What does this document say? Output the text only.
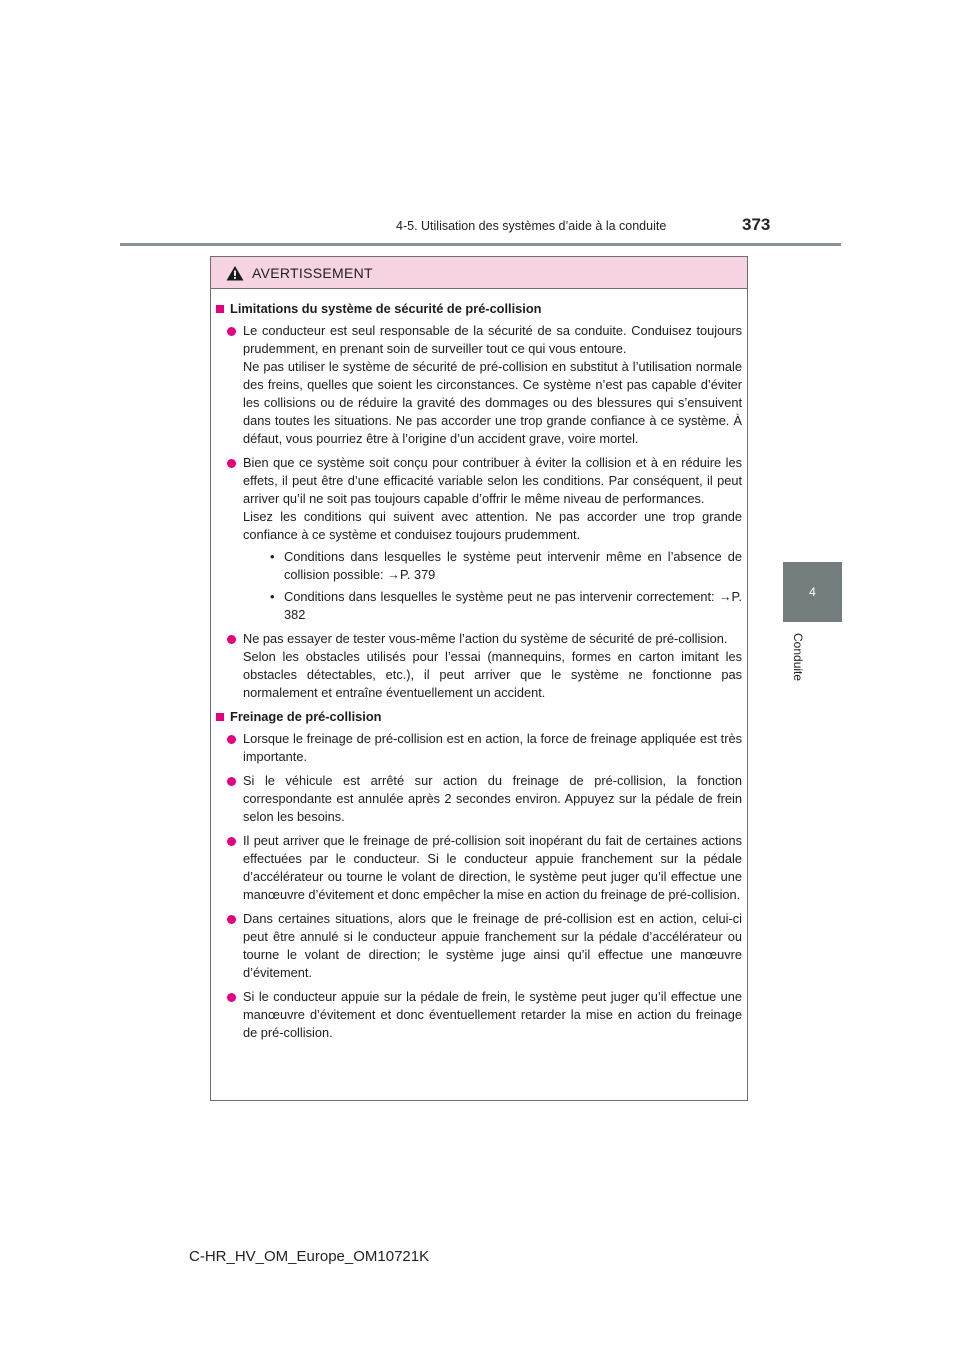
4-5. Utilisation des systèmes d’aide à la conduite	373
4
Conduite
AVERTISSEMENT
Limitations du système de sécurité de pré-collision

Le conducteur est seul responsable de la sécurité de sa conduite. Conduisez toujours prudemment, en prenant soin de surveiller tout ce qui vous entoure.

Ne pas utiliser le système de sécurité de pré-collision en substitut à l’utilisation normale des freins, quelles que soient les circonstances. Ce système n’est pas capable d’éviter les collisions ou de réduire la gravité des dommages ou des blessures qui s’ensuivent dans toutes les situations. Ne pas accorder une trop grande confiance à ce système. À défaut, vous pourriez être à l’origine d’un accident grave, voire mortel.

Bien que ce système soit conçu pour contribuer à éviter la collision et à en réduire les effets, il peut être d’une efficacité variable selon les conditions. Par conséquent, il peut arriver qu’il ne soit pas toujours capable d’offrir le même niveau de performances.

Lisez les conditions qui suivent avec attention. Ne pas accorder une trop grande confiance à ce système et conduisez toujours prudemment.

• Conditions dans lesquelles le système peut intervenir même en l’absence de collision possible: →P. 379
• Conditions dans lesquelles le système peut ne pas intervenir correctement: →P. 382

Ne pas essayer de tester vous-même l’action du système de sécurité de pré-collision.

Selon les obstacles utilisés pour l’essai (mannequins, formes en carton imitant les obstacles détectables, etc.), il peut arriver que le système ne fonctionne pas normalement et entraîne éventuellement un accident.

Freinage de pré-collision

Lorsque le freinage de pré-collision est en action, la force de freinage appliquée est très importante.

Si le véhicule est arrêté sur action du freinage de pré-collision, la fonction correspondante est annulée après 2 secondes environ. Appuyez sur la pédale de frein selon les besoins.

Il peut arriver que le freinage de pré-collision soit inopérant du fait de certaines actions effectuées par le conducteur. Si le conducteur appuie franchement sur la pédale d’accélérateur ou tourne le volant de direction, le système peut juger qu’il effectue une manœuvre d’évitement et donc empêcher la mise en action du freinage de pré-collision.

Dans certaines situations, alors que le freinage de pré-collision est en action, celui-ci peut être annulé si le conducteur appuie franchement sur la pédale d’accélérateur ou tourne le volant de direction; le système juge ainsi qu’il effectue une manœuvre d’évitement.

Si le conducteur appuie sur la pédale de frein, le système peut juger qu’il effectue une manœuvre d’évitement et donc éventuellement retarder la mise en action du freinage de pré-collision.

C-HR_HV_OM_Europe_OM10721K
